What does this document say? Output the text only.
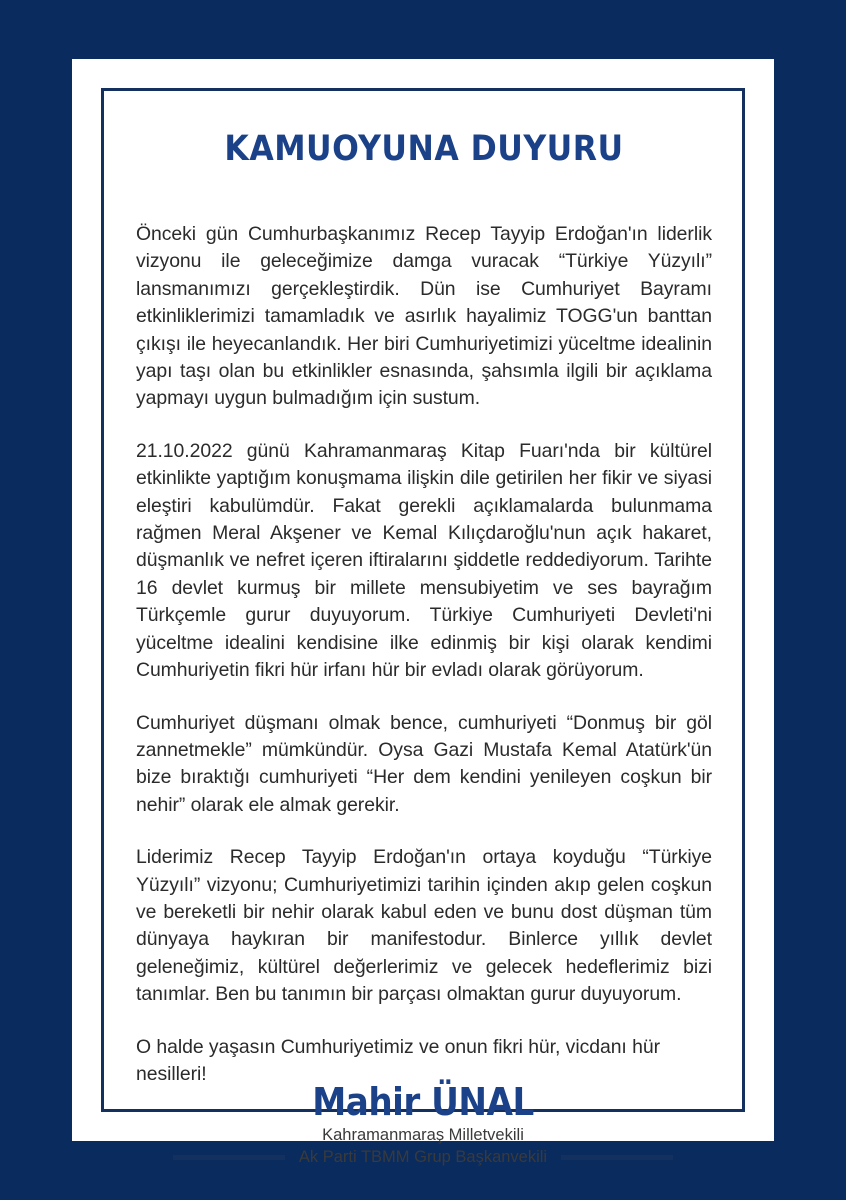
KAMUOYUNA DUYURU

Önceki gün Cumhurbaşkanımız Recep Tayyip Erdoğan'ın liderlik vizyonu ile geleceğimize damga vuracak “Türkiye Yüzyılı” lansmanımızı gerçekleştirdik. Dün ise Cumhuriyet Bayramı etkinliklerimizi tamamladık ve asırlık hayalimiz TOGG'un banttan çıkışı ile heyecanlandık. Her biri Cumhuriyetimizi yüceltme idealinin yapı taşı olan bu etkinlikler esnasında, şahsımla ilgili bir açıklama yapmayı uygun bulmadığım için sustum.

21.10.2022 günü Kahramanmaraş Kitap Fuarı'nda bir kültürel etkinlikte yaptığım konuşmama ilişkin dile getirilen her fikir ve siyasi eleştiri kabulümdür. Fakat gerekli açıklamalarda bulunmama rağmen Meral Akşener ve Kemal Kılıçdaroğlu'nun açık hakaret, düşmanlık ve nefret içeren iftiralarını şiddetle reddediyorum. Tarihte 16 devlet kurmuş bir millete mensubiyetim ve ses bayrağım Türkçemle gurur duyuyorum. Türkiye Cumhuriyeti Devleti'ni yüceltme idealini kendisine ilke edinmiş bir kişi olarak kendimi Cumhuriyetin fikri hür irfanı hür bir evladı olarak görüyorum.

Cumhuriyet düşmanı olmak bence, cumhuriyeti “Donmuş bir göl zannetmekle” mümkündür. Oysa Gazi Mustafa Kemal Atatürk'ün bize bıraktığı cumhuriyeti “Her dem kendini yenileyen coşkun bir nehir” olarak ele almak gerekir.

Liderimiz Recep Tayyip Erdoğan'ın ortaya koyduğu “Türkiye Yüzyılı” vizyonu; Cumhuriyetimizi tarihin içinden akıp gelen coşkun ve bereketli bir nehir olarak kabul eden ve bunu dost düşman tüm dünyaya haykıran bir manifestodur. Binlerce yıllık devlet geleneğimiz, kültürel değerlerimiz ve gelecek hedeflerimiz bizi tanımlar. Ben bu tanımın bir parçası olmaktan gurur duyuyorum.

O halde yaşasın Cumhuriyetimiz ve onun fikri hür, vicdanı hür nesilleri!

Mahir ÜNAL
Kahramanmaraş Milletvekili
Ak Parti TBMM Grup Başkanvekili
